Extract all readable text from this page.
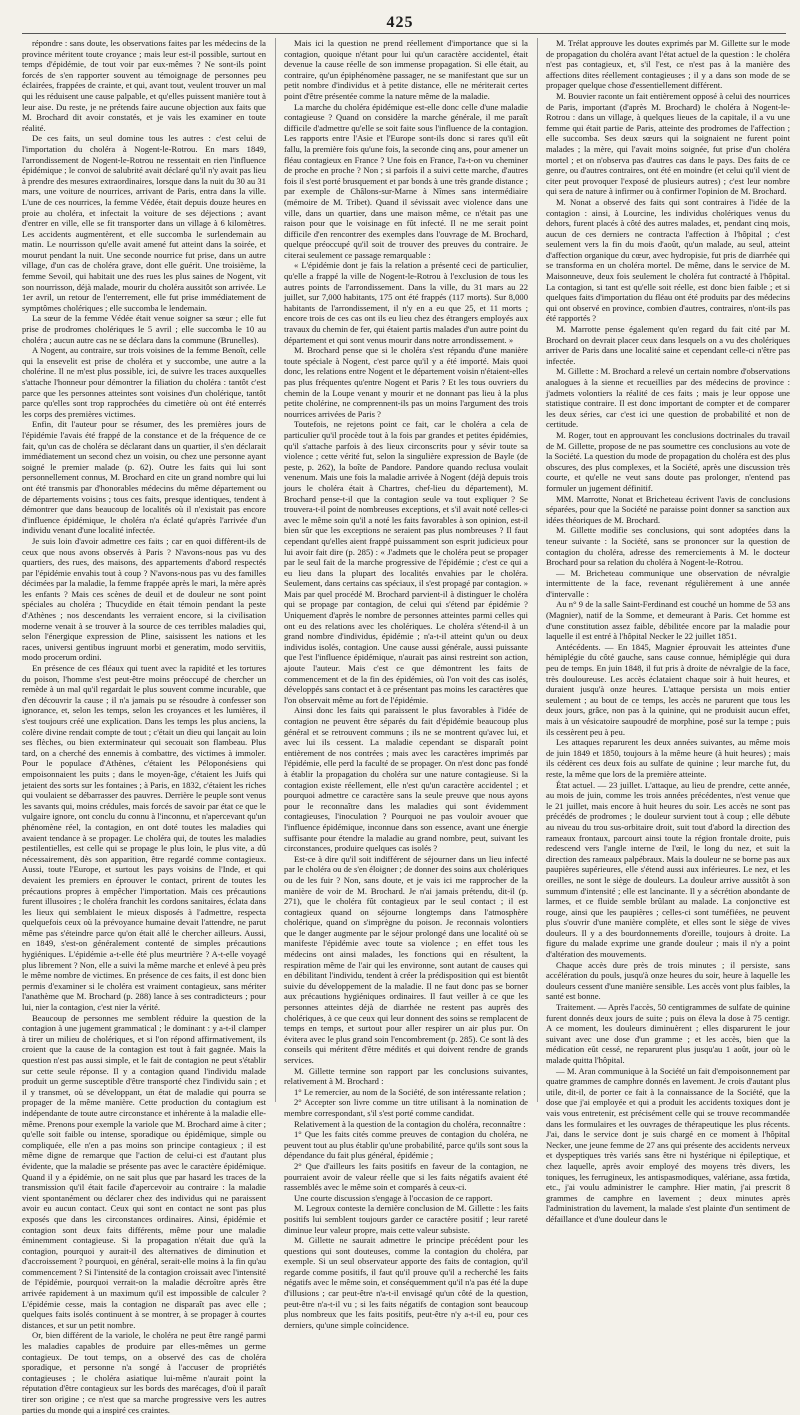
425

répondre : sans doute, les observations faites par les médecins de la province méritent toute croyance ; mais leur est-il possible, surtout en temps d'épidémie, de tout voir par eux-mêmes ? Ne sont-ils point forcés de s'en rapporter souvent au témoignage de personnes peu éclairées, frappées de crainte, et qui, avant tout, veulent trouver un mal qui les réduisent une cause palpable, et qu'elles puissent manière tout à leur aise. Du reste, je ne prétends faire aucune objection aux faits que M. Brochard dit avoir constatés, et je vais les examiner en toute réalité.

De ces faits, un seul domine tous les autres : c'est celui de l'importation du choléra à Nogent-le-Rotrou. En mars 1849, l'arrondissement de Nogent-le-Rotrou ne ressentait en rien l'influence épidémique ; le convoi de salubrité avait déclaré qu'il n'y avait pas lieu à prendre des mesures extraordinaires, lorsque dans la nuit du 30 au 31 mars, une voiture de nourrices, arrivant de Paris, entra dans la ville. L'une de ces nourrices, la femme Védée, était depuis douze heures en proie au choléra, et infectait la voiture de ses déjections ; avant d'entrer en ville, elle se fit transporter dans un village à 6 kilomètres. Les accidents augmentèrent, et elle succomba le surlendemain au matin. Le nourrisson qu'elle avait amené fut atteint dans la soirée, et mourut pendant la nuit. Une seconde nourrice fut prise, dans un autre village, d'un cas de choléra grave, dont elle guérit. Une troisième, la femme Sevoil, qui habitait une des rues les plus saines de Nogent, vit son nourrisson, déjà malade, mourir du choléra aussitôt son arrivée. Le 1er avril, un retour de l'enterrement, elle fut prise immédiatement de symptômes cholériques ; elle succomba le lendemain.

La sœur de la femme Védée était venue soigner sa sœur ; elle fut prise de prodromes cholériques le 5 avril ; elle succomba le 10 au choléra ; aucun autre cas ne se déclara dans la commune (Brunelles).

A Nogent, au contraire, sur trois voisines de la femme Benoît, celle qui la ensevelit est prise de choléra et y succombe, une autre a la cholérine. Il ne m'est plus possible, ici, de suivre les traces auxquelles s'attache l'honneur pour démontrer la filiation du choléra : tantôt c'est parce que les personnes atteintes sont voisines d'un cholérique, tantôt parce qu'elles sont trop rapprochées du cimetière où ont été enterrés les corps des premières victimes.

Enfin, dit l'auteur pour se résumer, des les premières jours de l'épidémie l'avais été frappé de la constance et de la fréquence de ce fait, qu'un cas de choléra se déclarant dans un quartier, il s'en déclarait immédiatement un second chez un voisin, ou chez une personne ayant soigné le premier malade (p. 62). Outre les faits qui lui sont personnellement connus, M. Brochard en cite un grand nombre qui lui ont été transmis par d'honorables médecins du même département ou de départements voisins ; tous ces faits, presque identiques, tendent à démontrer que dans beaucoup de localités où il n'existait pas encore d'influence épidémique, le choléra n'a éclaté qu'après l'arrivée d'un individu venant d'une localité infectée.

Je suis loin d'avoir admettre ces faits ; car en quoi diffèrent-ils de ceux que nous avons observés à Paris ? N'avons-nous pas vu des quartiers, des rues, des maisons, des appartements d'abord respectés par l'épidémie envahis tout à coup ? N'avons-nous pas vu des familles décimées par la maladie, la femme frappée après le mari, la mère après les enfants ? Mais ces scènes de deuil et de douleur ne sont point spéciales au choléra ; Thucydide en était témoin pendant la peste d'Athènes ; nos descendants les verraient encore, si la civilisation moderne venait à se trouver à la source de ces terribles maladies qui, selon l'énergique expression de Pline, saisissent les nations et les races, universi gentibus ingruunt morbi et generatim, modo servitiis, modo procerum ordini.

En présence de ces fléaux qui tuent avec la rapidité et les tortures du poison, l'homme s'est peut-être moins préoccupé de chercher un remède à un mal qu'il regardait le plus souvent comme incurable, que d'en découvrir la cause ; il n'a jamais pu se résoudre à confesser son ignorance, et, selon les temps, selon les croyances et les lumières, il s'est toujours créé une explication. Dans les temps les plus anciens, la colère divine rendait compte de tout ; c'était un dieu qui lançait au loin ses flèches, ou bien exterminateur qui secouait son flambeau. Plus tard, on a cherché des ennemis à combattre, des victimes à immoler. Pour le populace d'Athènes, c'étaient les Péloponésiens qui empoisonnaient les puits ; dans le moyen-âge, c'étaient les Juifs qui jetaient des sorts sur les fontaines ; à Paris, en 1832, c'étaient les riches qui voulaient se débarrasser des pauvres. Derrière le peuple sont venus les savants qui, moins crédules, mais forcés de savoir par état ce que le vulgaire ignore, ont conclu du connu à l'inconnu, et n'apercevant qu'un phénomène réel, la contagion, en ont doté toutes les maladies qui avaient tendance à se propager. Le choléra qui, de toutes les maladies pestilentielles, est celle qui se propage le plus loin, le plus vite, a dû nécessairement, dès son apparition, être regardé comme contagieux. Aussi, toute l'Europe, et surtout les pays voisins de l'Inde, et qui devaient les premiers en éprouver le contact, prirent de toutes les précautions propres à empêcher l'importation. Mais ces précautions furent illusoires ; le choléra franchit les cordons sanitaires, éclata dans les lieux qui semblaient le mieux disposés à l'admettre, respecta quelquefois ceux où la prévoyance humaine devait l'attendre, ne parut même pas s'éteindre parce qu'on était allé le chercher ailleurs. Aussi, en 1849, s'est-on généralement contenté de simples précautions hygiéniques. L'épidémie a-t-elle été plus meurtrière ? A-t-elle voyagé plus librement ? Non, elle a suivi la même marche et enlevé à peu près le même nombre de victimes. En présence de ces faits, il est donc bien permis d'examiner si le choléra est vraiment contagieux, sans mériter l'anathème que M. Brochard (p. 288) lance à ses contradicteurs ; pour lui, nier la contagion, c'est nier la vérité.

Beaucoup de personnes me semblent réduire la question de la contagion à une jugement grammatical ; le dominant : y a-t-il clamper à tirer un milieu de cholériques, et si l'on répond affirmativement, ils croient que la cause de la contagion est tout à fait gagnée. Mais la question n'est pas aussi simple, et le fait de contagion ne peut s'établir sur cette seule réponse. Il y a contagion quand l'individu malade produit un germe susceptible d'être transporté chez l'individu sain ; et il y transmet, où se développant, un état de maladie qui pourra se propager de la même manière. Cette production du contagium est indépendante de toute autre circonstance et inhérente à la maladie elle-même. Prenons pour exemple la variole que M. Brochard aime à citer ; qu'elle soit faible ou intense, sporadique ou épidémique, simple ou compliquée, elle n'en a pas moins son principe contagieux ; il est même digne de remarque que l'action de celui-ci est d'autant plus évidente, que la maladie se présente pas avec le caractère épidémique. Quand il y a épidémie, on ne sait plus que par hasard les traces de la transmission qu'il était facile d'apercevoir au contraire : la maladie vient spontanément ou déclarer chez des individus qui ne paraissent avoir eu aucun contact. Ceux qui sont en contact ne sont pas plus exposés que dans les circonstances ordinaires. Ainsi, épidémie et contagion sont deux faits différents, même pour une maladie éminemment contagieuse. Si la propagation n'était due qu'à la contagion, pourquoi y aurait-il des alternatives de diminution et d'accroissement ? pourquoi, en général, serait-elle moins à la fin qu'au commencement ? Si l'intensité de la contagion croissait avec l'intensité de l'épidémie, pourquoi verrait-on la maladie décroître après être arrivée rapidement à un maximum qu'il est impossible de calculer ? L'épidémie cesse, mais la contagion ne disparaît pas avec elle ; quelques faits isolés continuent à se montrer, à se propager à courtes distances, et sur un petit nombre.

Or, bien différent de la variole, le choléra ne peut être rangé parmi les maladies capables de produire par elles-mêmes un germe contagieux. De tout temps, on a observé des cas de choléra sporadique, et personne n'a songé à l'accuser de propriétés contagieuses ; le choléra asiatique lui-même n'aurait point la réputation d'être contagieux sur les bords des marécages, d'où il paraît tirer son origine ; ce n'est que sa marche progressive vers les autres parties du monde qui a inspiré ces craintes.

Mais ici la question ne prend réellement d'importance que si la contagion, quoique n'étant pour lui qu'un caractère accidentel, était devenue la cause réelle de son immense propagation. Si elle était, au contraire, qu'un épiphénomène passager, ne se manifestant que sur un petit nombre d'individus et à petite distance, elle ne mériterait certes point d'être présentée comme la nature même de la maladie.

La marche du choléra épidémique est-elle donc celle d'une maladie contagieuse ? Quand on considère la marche générale, il me paraît difficile d'admettre qu'elle se soit faite sous l'influence de la contagion. Les rapports entre l'Asie et l'Europe sont-ils donc si rares qu'il eût fallu, la première fois qu'une fois, la seconde cinq ans, pour amener un fléau contagieux en France ? Une fois en France, l'a-t-on vu cheminer de proche en proche ? Non ; si parfois il a suivi cette marche, d'autres fois il s'est porté brusquement et par bonds à une très grande distance ; par exemple de Châlons-sur-Marne à Nîmes sans intermédiaire (mémoire de M. Tribet). Quand il sévissait avec violence dans une ville, dans un quartier, dans une maison même, ce n'était pas une raison pour que le voisinage en fût infecté. Il ne me serait point difficile d'en rencontrer des exemples dans l'ouvrage de M. Brochard, quelque préoccupé qu'il soit de trouver des preuves du contraire. Je citerai seulement ce passage remarquable :

« L'épidémie dont je fais la relation a présenté ceci de particulier, qu'elle a frappé la ville de Nogent-le-Rotrou à l'exclusion de tous les autres points de l'arrondissement. Dans la ville, du 31 mars au 22 juillet, sur 7,000 habitants, 175 ont été frappés (117 morts). Sur 8,000 habitants de l'arrondissement, il n'y en a eu que 25, et 11 morts ; encore trois de ces cas ont ils eu lieu chez des étrangers employés aux travaux du chemin de fer, qui étaient partis malades d'un autre point du département et qui sont venus mourir dans notre arrondissement. »

M. Brochard pense que si le choléra s'est répandu d'une manière toute spéciale à Nogent, c'est parce qu'il y a été importé. Mais quoi donc, les relations entre Nogent et le département voisin n'étaient-elles pas plus fréquentes qu'entre Nogent et Paris ? Et les tous ouvriers du chemin de la Loupe venant y mourir et ne donnant pas lieu à la plus petite cholérine, ne comprennent-ils pas un moins l'argument des trois nourrices arrivées de Paris ?

Toutefois, ne rejetons point ce fait, car le choléra a cela de particulier qu'il procède tout à la fois par grandes et petites épidémies, qu'il s'attache parfois à des lieux circonscrits pour y sévir toute sa violence ; cette vérité fut, selon la singulière expression de Bayle (de peste, p. 262), la boîte de Pandore. Pandore quando reclusa voulait venenum. Mais une fois la maladie arrivée à Nogent (déjà depuis trois jours le choléra était à Chartres, chef-lieu du département), M. Brochard pense-t-il que la contagion seule va tout expliquer ? Se trouvera-t-il point de nombreuses exceptions, et s'il avait noté celles-ci avec le même soin qu'il a noté les faits favorables à son opinion, est-il bien sûr que les exceptions ne seraient pas plus nombreuses ? Il faut cependant qu'elles aient frappé puissamment son esprit judicieux pour lui avoir fait dire (p. 285) : « J'admets que le choléra peut se propager par le seul fait de la marche progressive de l'épidémie ; c'est ce qui a eu lieu dans la plupart des localités envahies par le choléra. Seulement, dans certains cas spéciaux, il s'est propagé par contagion. » Mais par quel procédé M. Brochard parvient-il à distinguer le choléra qui se propage par contagion, de celui qui s'étend par épidémie ? Uniquement d'après le nombre de personnes atteintes parmi celles qui ont eu des relations avec les cholériques. Le choléra s'étend-il à un grand nombre d'individus, épidémie ; n'a-t-il atteint qu'un ou deux individus isolés, contagion. Une cause aussi générale, aussi puissante que l'est l'influence épidémique, n'aurait pas ainsi restreint son action, ajoute l'auteur. Mais c'est ce que démontrent les faits de commencement et de la fin des épidémies, où l'on voit des cas isolés, développés sans contact et à ce présentant pas moins les caractères que l'on observait même au fort de l'épidémie.

Ainsi donc les faits qui paraissent le plus favorables à l'idée de contagion ne peuvent être séparés du fait d'épidémie beaucoup plus général et se retrouvent communs ; ils ne se montrent qu'avec lui, et avec lui ils cessent. La maladie cependant se disparaît point entièrement de nos contrées ; mais avec les caractères imprimés par l'épidémie, elle perd la faculté de se propager. On n'est donc pas fondé à établir la propagation du choléra sur une nature contagieuse. Si la contagion existe réellement, elle n'est qu'un caractère accidentel ; et pourquoi admettre ce caractère sans la seule preuve que nous ayons pour le reconnaître dans les maladies qui sont évidemment contagieuses, l'inoculation ? Pourquoi ne pas vouloir avouer que l'influence épidémique, inconnue dans son essence, avant une énergie suffisante pour étendre la maladie au grand nombre, peut, suivant les circonstances, produire quelques cas isolés ?

Est-ce à dire qu'il soit indifférent de séjourner dans un lieu infecté par le choléra ou de s'en éloigner ; de donner des soins aux cholériques ou de les fuir ? Non, sans doute, et je vais ici me rapprocher de la manière de voir de M. Brochard. Je n'ai jamais prétendu, dit-il (p. 271), que le choléra fût contagieux par le seul contact ; il est contagieux quand on séjourne longtemps dans l'atmosphère cholérique, quand on s'imprègne du poison. Je reconnais volontiers que le danger augmente par le séjour prolongé dans une localité où se manifeste l'épidémie avec toute sa violence ; en effet tous les médecins ont ainsi malades, les fonctions qui en résultent, la respiration même de l'air qui les environne, sont autant de causes qui en débilitant l'individu, tendent à créer la prédisposition qui est bientôt suivie du développement de la maladie. Il ne faut donc pas se borner aux précautions hygiéniques ordinaires. Il faut veiller à ce que les personnes atteintes déjà de diarrhée ne restent pas auprès des cholériques, à ce que ceux qui leur donnent des soins se remplacent de temps en temps, et surtout pour aller respirer un air plus pur. On évitera avec le plus grand soin l'encombrement (p. 285). Ce sont là des conseils qui méritent d'être médités et qui doivent rendre de grands services.

M. Gillette termine son rapport par les conclusions suivantes, relativement à M. Brochard :

1° Le remercier, au nom de la Société, de son intéressante relation ;

2° Accepter son livre comme un titre utilisant à la nomination de membre correspondant, s'il s'est porté comme candidat.

Relativement à la question de la contagion du choléra, reconnaître :

1° Que les faits cités comme preuves de contagion du choléra, ne peuvent tout au plus établir qu'une probabilité, parce qu'ils sont sous la dépendance du fait plus général, épidémie ;

2° Que d'ailleurs les faits positifs en faveur de la contagion, ne pourraient avoir de valeur réelle que si les faits négatifs avaient été rassemblés avec le même soin et comparés à ceux-ci.

Une courte discussion s'engage à l'occasion de ce rapport.

M. Legroux conteste la dernière conclusion de M. Gillette : les faits positifs lui semblent toujours garder ce caractère positif ; leur rareté diminue leur valeur propre, mais cette valeur subsiste.

M. Gillette ne saurait admettre le principe précédent pour les questions qui sont douteuses, comme la contagion du choléra, par exemple. Si un seul observateur apporte des faits de contagion, qu'il regarde comme positifs, il faut qu'il prouve qu'il a recherché les faits négatifs avec le même soin, et conséquemment qu'il n'a pas été la dupe d'illusions ; car peut-être n'a-t-il envisagé qu'un côté de la question, peut-être n'a-t-il vu ; si les faits négatifs de contagion sont beaucoup plus nombreux que les faits positifs, peut-être n'y a-t-il eu, pour ces derniers, qu'une simple coïncidence.

M. Trélat approuve les doutes exprimés par M. Gillette sur le mode de propagation du choléra avant l'état actuel de la question : le choléra n'est pas contagieux, et, s'il l'est, ce n'est pas à la manière des affections dites réellement contagieuses ; il y a dans son mode de se propager quelque chose d'essentiellement différent.

M. Bouvier raconte un fait entièrement opposé à celui des nourrices de Paris, important (d'après M. Brochard) le choléra à Nogent-le-Rotrou : dans un village, à quelques lieues de la capitale, il a vu une femme qui était partie de Paris, atteinte des prodromes de l'affection ; elle succomba. Ses deux sœurs qui la soignaient ne furent point malades ; la mère, qui l'avait moins soignée, fut prise d'un choléra mortel ; et on n'observa pas d'autres cas dans le pays. Des faits de ce genre, ou d'autres contraires, ont été en moindre (et celui qu'il vient de citer peut provoquer l'exposé de plusieurs autres) ; c'est leur nombre qui sera de nature à infirmer ou à confirmer l'opinion de M. Brochard.

M. Nonat a observé des faits qui sont contraires à l'idée de la contagion : ainsi, à Lourcine, les individus cholériques venus du dehors, furent placés à côté des autres malades, et, pendant cinq mois, aucun de ces derniers ne contracta l'affection à l'hôpital ; c'est seulement vers la fin du mois d'août, qu'un malade, au seul, atteint d'affection organique du cœur, avec hydropisie, fut pris de diarrhée qui se transforma en un choléra mortel. De même, dans le service de M. Maisonneuve, deux fois seulement le choléra fut contracté à l'hôpital. La contagion, si tant est qu'elle soit réelle, est donc bien faible ; et si quelques faits d'importation du fléau ont été produits par des médecins qui ont observé en province, combien d'autres, contraires, n'ont-ils pas été rapportés ?

M. Marrotte pense également qu'en regard du fait cité par M. Brochard on devrait placer ceux dans lesquels on a vu des cholériques arriver de Paris dans une localité saine et cependant celle-ci n'être pas infectée.

M. Gillette : M. Brochard a relevé un certain nombre d'observations analogues à la sienne et recueillies par des médecins de province : j'admets volontiers la réalité de ces faits ; mais je leur oppose une statistique contraire. Il est donc important de compter et de comparer les deux séries, car c'est ici une question de probabilité et non de certitude.

M. Roger, tout en approuvant les conclusions doctrinales du travail de M. Gillette, propose de ne pas soumettre ces conclusions au vote de la Société. La question du mode de propagation du choléra est des plus obscures, des plus complexes, et la Société, après une discussion très courte, et qu'elle ne veut sans doute pas prolonger, n'entend pas formuler un jugement définitif.

MM. Marrotte, Nonat et Bricheteau écrivent l'avis de conclusions séparées, pour que la Société ne paraisse point donner sa sanction aux idées théoriques de M. Brochard.

M. Gillette modifie ses conclusions, qui sont adoptées dans la teneur suivante : la Société, sans se prononcer sur la question de contagion du choléra, adresse des remerciements à M. le docteur Brochard pour sa relation du choléra à Nogent-le-Rotrou.

— M. Bricheteau communique une observation de névralgie intermittente de la face, revenant régulièrement à une année d'intervalle :

Au n° 9 de la salle Saint-Ferdinand est couché un homme de 53 ans (Magnier), natif de la Somme, et demeurant à Paris. Cet homme est d'une constitution assez faible, débilitée encore par la maladie pour laquelle il est entré à l'hôpital Necker le 22 juillet 1851.

Antécédents. — En 1845, Magnier éprouvait les atteintes d'une hémiplégie du côté gauche, sans cause connue, hémiplégie qui dura peu de temps. En juin 1848, il fut pris à droite de névralgie de la face, très douloureuse. Les accès éclataient chaque soir à huit heures, et duraient jusqu'à onze heures. L'attaque persista un mois entier seulement ; au bout de ce temps, les accès ne parurent que tous les deux jours, grâce, non pas à la quinine, qui ne produisit aucun effet, mais à un vésicatoire saupoudré de morphine, posé sur la tempe ; puis ils cessèrent peu à peu.

Les attaques reparurent les deux années suivantes, au même mois de juin 1849 et 1850, toujours à la même heure (à huit heures) ; mais ils cédèrent ces deux fois au sulfate de quinine ; leur marche fut, du reste, la même que lors de la première atteinte.

État actuel. — 23 juillet. L'attaque, au lieu de prendre, cette année, au mois de juin, comme les trois années précédentes, n'est venue que le 21 juillet, mais encore à huit heures du soir. Les accès ne sont pas précédés de prodromes ; le douleur survient tout à coup ; elle débute au niveau du trou sus-orbitaire droit, suit tout d'abord la direction des rameaux frontaux, parcourt ainsi toute la région frontale droite, puis redescend vers l'angle interne de l'œil, le long du nez, et suit la direction des rameaux palpébraux. Mais la douleur ne se borne pas aux paupières supérieures, elle s'étend aussi aux inférieures. Le nez, et les oreilles, ne sont le siège de douleurs. La douleur arrive aussitôt à son summum d'intensité ; elle est lancinante. Il y a sécrétion abondante de larmes, et ce fluide semble brûlant au malade. La conjonctive est rouge, ainsi que les paupières ; celles-ci sont tuméfiées, ne peuvent plus s'ouvrir d'une manière complète, et elles sont le siège de vives douleurs. Il y a des bourdonnements d'oreille, toujours à droite. La figure du malade exprime une grande douleur ; mais il n'y a point d'altération des mouvements.

Chaque accès dure près de trois minutes ; il persiste, sans accélération du pouls, jusqu'à onze heures du soir, heure à laquelle les douleurs cessent d'une manière sensible. Les accès vont plus faibles, la santé est bonne.

Traitement. — Après l'accès, 50 centigrammes de sulfate de quinine furent donnés deux jours de suite ; puis on éleva la dose à 75 centigr. A ce moment, les douleurs diminuèrent ; elles disparurent le jour suivant avec une dose d'un gramme ; et les accès, bien que la médication eût cessé, ne reparurent plus jusqu'au 1 août, jour où le malade quitta l'hôpital.

— M. Aran communique à la Société un fait d'empoisonnement par quatre grammes de camphre donnés en lavement. Je crois d'autant plus utile, dit-il, de porter ce fait à la connaissance de la Société, que la dose que j'ai employée et qui a produit les accidents toxiques dont je vais vous entretenir, est précisément celle qui se trouve recommandée dans les formulaires et les ouvrages de thérapeutique les plus récents. J'ai, dans le service dont je suis chargé en ce moment à l'hôpital Necker, une jeune femme de 27 ans qui présente des accidents nerveux et dyspeptiques très variés sans être ni hystérique ni épileptique, et chez laquelle, après avoir employé des moyens très divers, les toniques, les ferrugineux, les antispasmodiques, valériane, assa fœtida, etc., j'ai voulu administrer le camphre. Hier matin, j'ai prescrit 8 grammes de camphre en lavement ; deux minutes après l'administration du lavement, la malade s'est plainte d'un sentiment de défaillance et d'une douleur dans le
